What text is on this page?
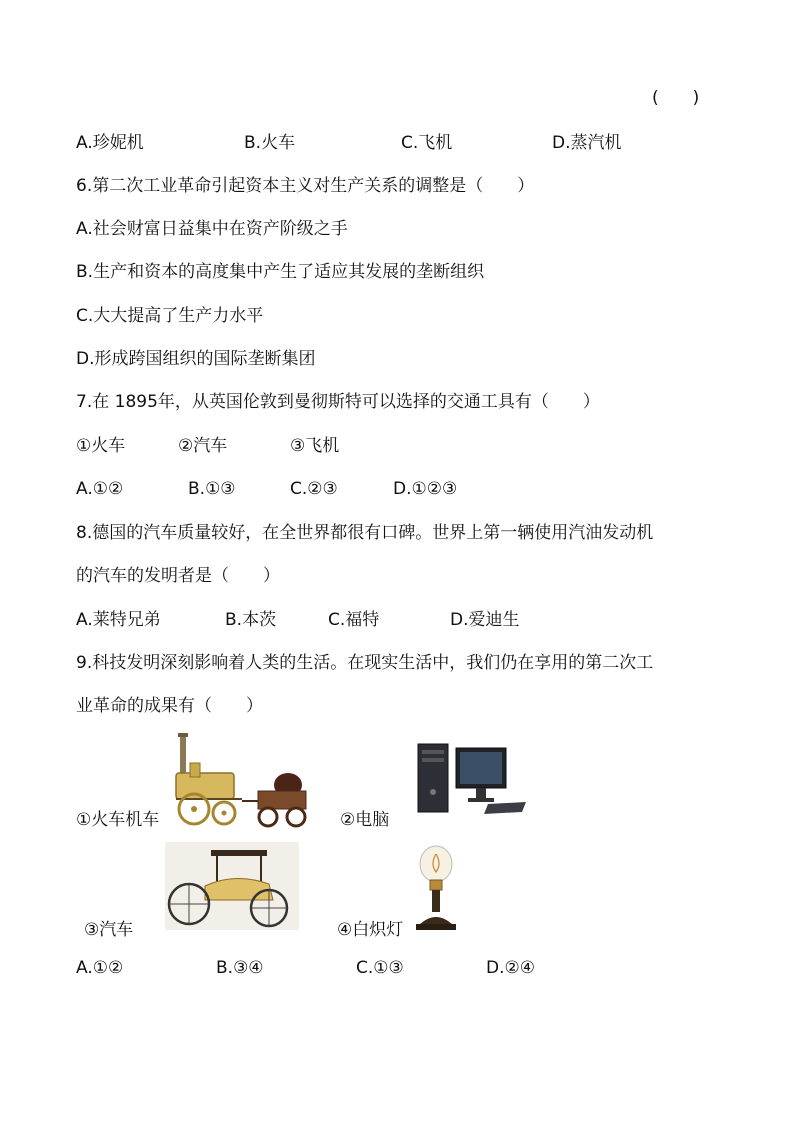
(　　)
A.珍妮机	B.火车	C.飞机	D.蒸汽机
6.第二次工业革命引起资本主义对生产关系的调整是（　　）
A.社会财富日益集中在资产阶级之手
B.生产和资本的高度集中产生了适应其发展的垄断组织
C.大大提高了生产力水平
D.形成跨国组织的国际垄断集团
7.在 1895年，从英国伦敦到曼彻斯特可以选择的交通工具有（　　）
①火车	②汽车	③飞机
A.①②	B.①③	C.②③	D.①②③
8.德国的汽车质量较好，在全世界都很有口碑。世界上第一辆使用汽油发动机
的汽车的发明者是（　　）
A.莱特兄弟	B.本茨	C.福特	D.爱迪生
9.科技发明深刻影响着人类的生活。在现实生活中，我们仍在享用的第二次工
业革命的成果有（　　）
①火车机车	②电脑
③汽车	④白炽灯
A.①②	B.③④	C.①③	D.②④
